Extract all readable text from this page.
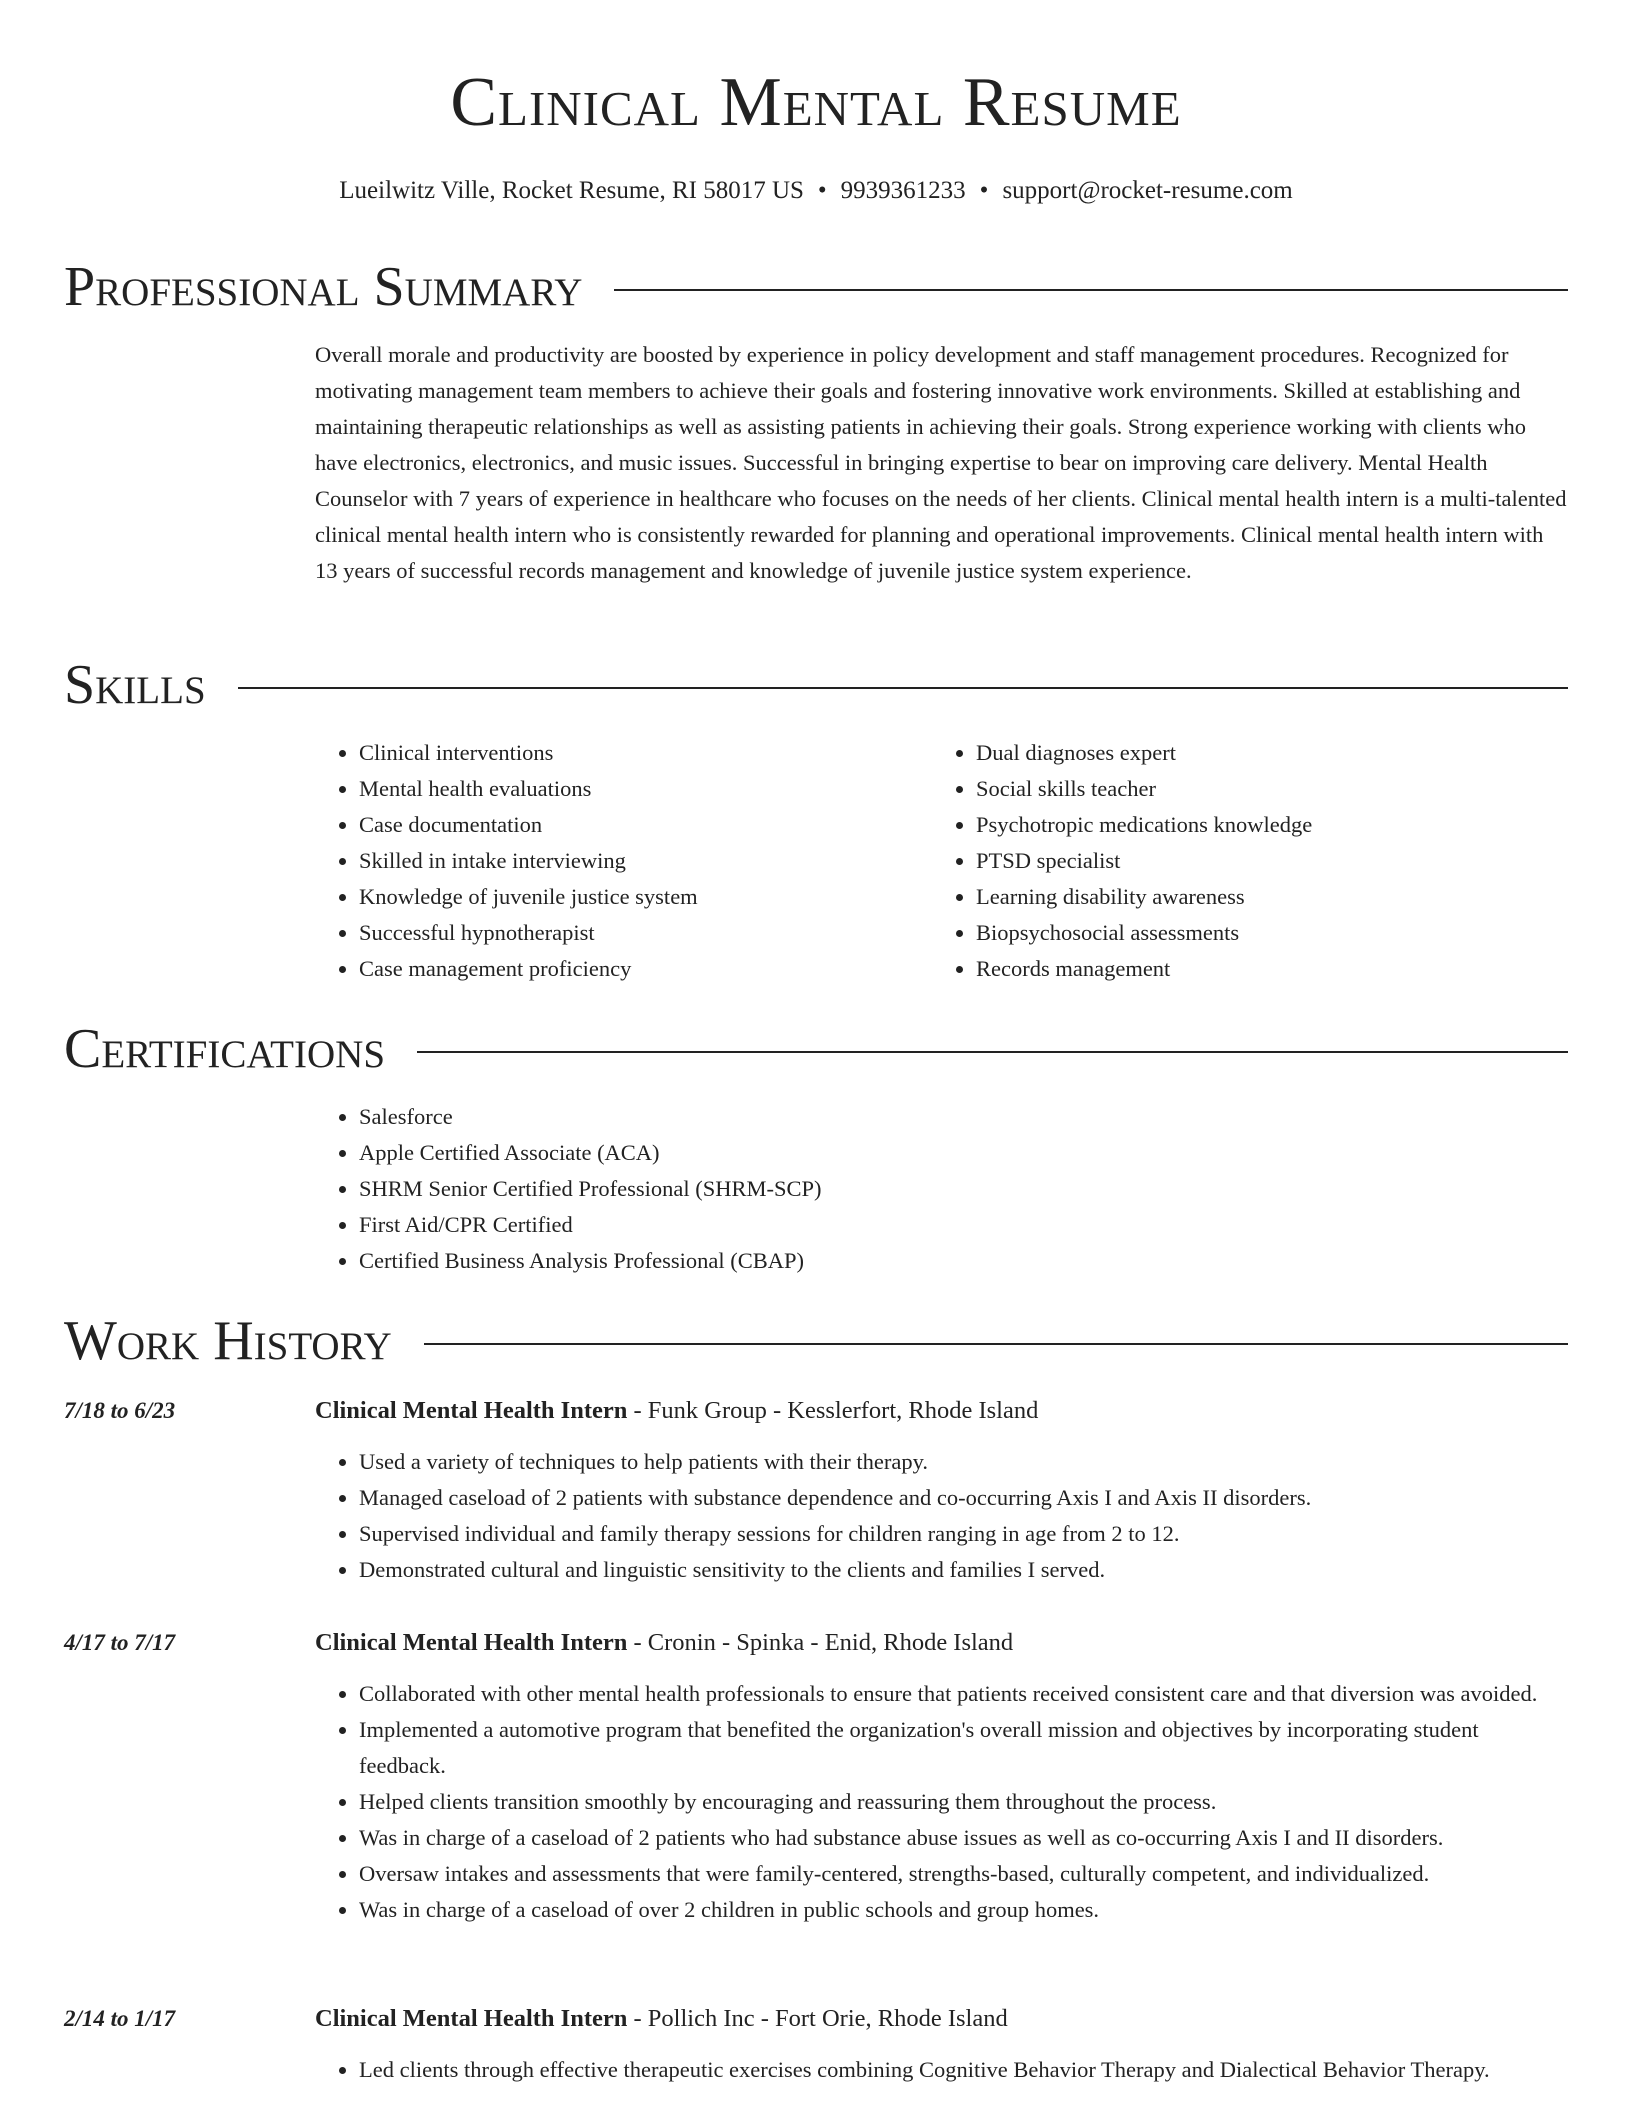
Clinical Mental Resume
Lueilwitz Ville, Rocket Resume, RI 58017 US • 9939361233 • support@rocket-resume.com
Professional Summary
Overall morale and productivity are boosted by experience in policy development and staff management procedures. Recognized for motivating management team members to achieve their goals and fostering innovative work environments. Skilled at establishing and maintaining therapeutic relationships as well as assisting patients in achieving their goals. Strong experience working with clients who have electronics, electronics, and music issues. Successful in bringing expertise to bear on improving care delivery. Mental Health Counselor with 7 years of experience in healthcare who focuses on the needs of her clients. Clinical mental health intern is a multi-talented clinical mental health intern who is consistently rewarded for planning and operational improvements. Clinical mental health intern with 13 years of successful records management and knowledge of juvenile justice system experience.
Skills
• Clinical interventions
• Mental health evaluations
• Case documentation
• Skilled in intake interviewing
• Knowledge of juvenile justice system
• Successful hypnotherapist
• Case management proficiency
• Dual diagnoses expert
• Social skills teacher
• Psychotropic medications knowledge
• PTSD specialist
• Learning disability awareness
• Biopsychosocial assessments
• Records management
Certifications
• Salesforce
• Apple Certified Associate (ACA)
• SHRM Senior Certified Professional (SHRM-SCP)
• First Aid/CPR Certified
• Certified Business Analysis Professional (CBAP)
Work History
7/18 to 6/23	Clinical Mental Health Intern - Funk Group - Kesslerfort, Rhode Island
• Used a variety of techniques to help patients with their therapy.
• Managed caseload of 2 patients with substance dependence and co-occurring Axis I and Axis II disorders.
• Supervised individual and family therapy sessions for children ranging in age from 2 to 12.
• Demonstrated cultural and linguistic sensitivity to the clients and families I served.
4/17 to 7/17	Clinical Mental Health Intern - Cronin - Spinka - Enid, Rhode Island
• Collaborated with other mental health professionals to ensure that patients received consistent care and that diversion was avoided.
• Implemented a automotive program that benefited the organization's overall mission and objectives by incorporating student feedback.
• Helped clients transition smoothly by encouraging and reassuring them throughout the process.
• Was in charge of a caseload of 2 patients who had substance abuse issues as well as co-occurring Axis I and II disorders.
• Oversaw intakes and assessments that were family-centered, strengths-based, culturally competent, and individualized.
• Was in charge of a caseload of over 2 children in public schools and group homes.
2/14 to 1/17	Clinical Mental Health Intern - Pollich Inc - Fort Orie, Rhode Island
• Led clients through effective therapeutic exercises combining Cognitive Behavior Therapy and Dialectical Behavior Therapy.
